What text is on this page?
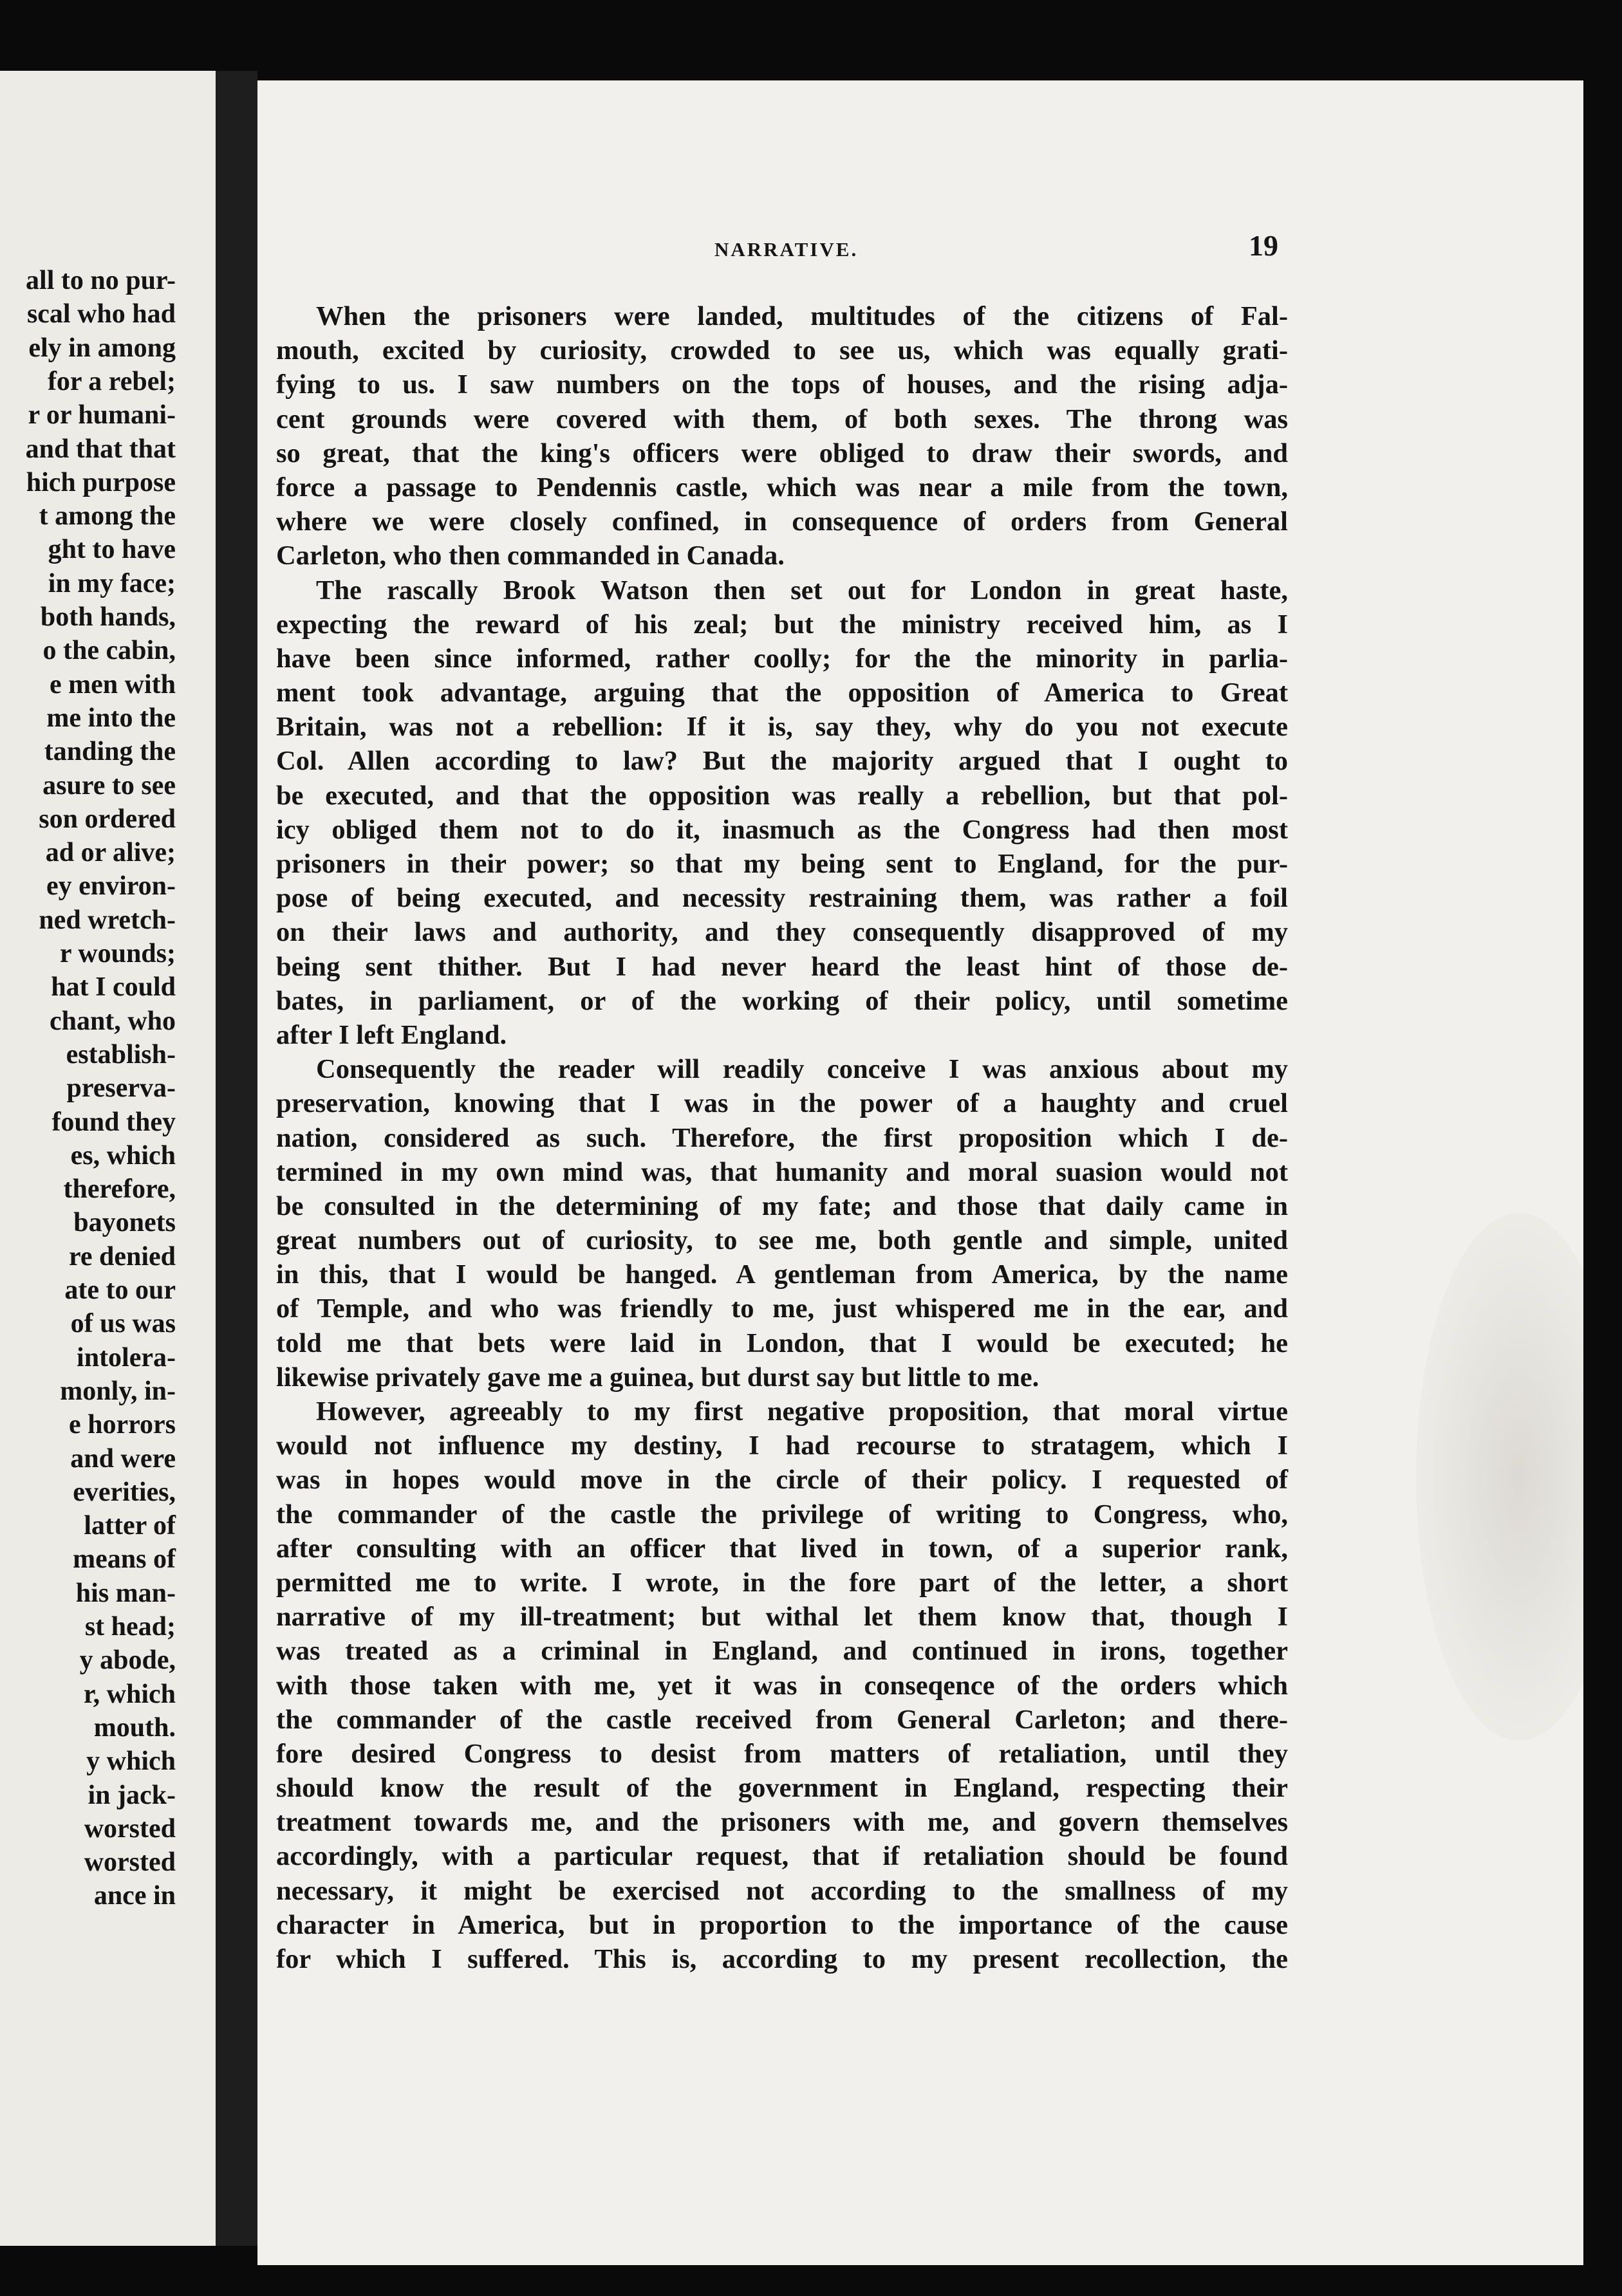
all to no pur-
scal who had
ely in among
for a rebel;
r or humani-
and that that
hich purpose
t among the
ght to have
in my face;
both hands,
o the cabin,
e men with
me into the
tanding the
asure to see
son ordered
ad or alive;
ey environ-
ned wretch-
r wounds;
hat I could
chant, who
establish-
preserva-
found they
es, which
therefore,
bayonets
re denied
ate to our
of us was
intolera-
monly, in-
e horrors
and were
everities,
latter of
means of
his man-
st head;
y abode,
r, which
mouth.
y which
in jack-
worsted
worsted
ance in
NARRATIVE.	19
When the prisoners were landed, multitudes of the citizens of Fal-
mouth, excited by curiosity, crowded to see us, which was equally grati-
fying to us. I saw numbers on the tops of houses, and the rising adja-
cent grounds were covered with them, of both sexes. The throng was
so great, that the king's officers were obliged to draw their swords, and
force a passage to Pendennis castle, which was near a mile from the town,
where we were closely confined, in consequence of orders from General
Carleton, who then commanded in Canada.
The rascally Brook Watson then set out for London in great haste,
expecting the reward of his zeal; but the ministry received him, as I
have been since informed, rather coolly; for the the minority in parlia-
ment took advantage, arguing that the opposition of America to Great
Britain, was not a rebellion: If it is, say they, why do you not execute
Col. Allen according to law? But the majority argued that I ought to
be executed, and that the opposition was really a rebellion, but that pol-
icy obliged them not to do it, inasmuch as the Congress had then most
prisoners in their power; so that my being sent to England, for the pur-
pose of being executed, and necessity restraining them, was rather a foil
on their laws and authority, and they consequently disapproved of my
being sent thither. But I had never heard the least hint of those de-
bates, in parliament, or of the working of their policy, until sometime
after I left England.
Consequently the reader will readily conceive I was anxious about my
preservation, knowing that I was in the power of a haughty and cruel
nation, considered as such. Therefore, the first proposition which I de-
termined in my own mind was, that humanity and moral suasion would not
be consulted in the determining of my fate; and those that daily came in
great numbers out of curiosity, to see me, both gentle and simple, united
in this, that I would be hanged. A gentleman from America, by the name
of Temple, and who was friendly to me, just whispered me in the ear, and
told me that bets were laid in London, that I would be executed; he
likewise privately gave me a guinea, but durst say but little to me.
However, agreeably to my first negative proposition, that moral virtue
would not influence my destiny, I had recourse to stratagem, which I
was in hopes would move in the circle of their policy. I requested of
the commander of the castle the privilege of writing to Congress, who,
after consulting with an officer that lived in town, of a superior rank,
permitted me to write. I wrote, in the fore part of the letter, a short
narrative of my ill-treatment; but withal let them know that, though I
was treated as a criminal in England, and continued in irons, together
with those taken with me, yet it was in conseqence of the orders which
the commander of the castle received from General Carleton; and there-
fore desired Congress to desist from matters of retaliation, until they
should know the result of the government in England, respecting their
treatment towards me, and the prisoners with me, and govern themselves
accordingly, with a particular request, that if retaliation should be found
necessary, it might be exercised not according to the smallness of my
character in America, but in proportion to the importance of the cause
for which I suffered. This is, according to my present recollection, the
